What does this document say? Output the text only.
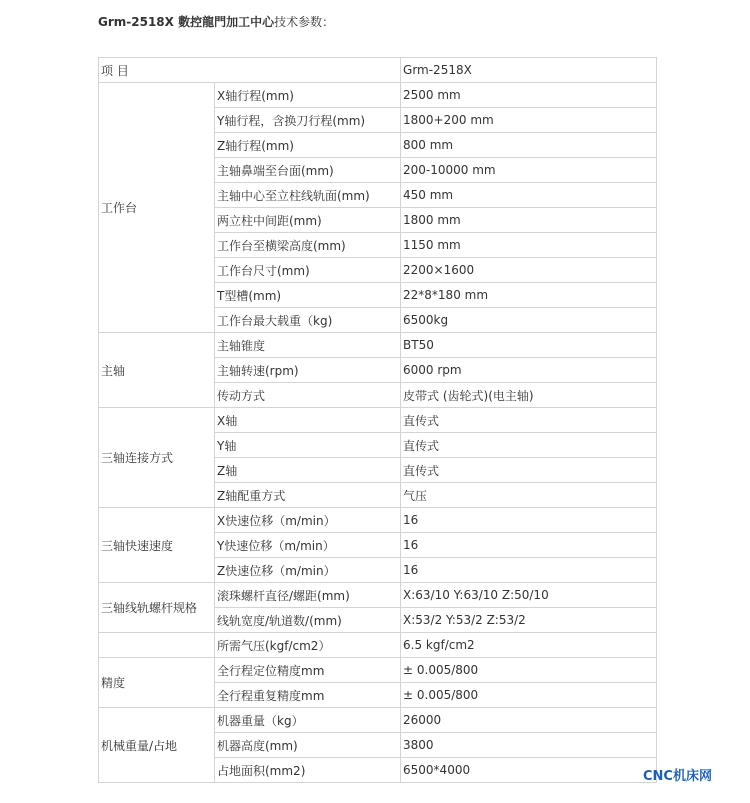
Grm-2518X 數控龍門加工中心技术参数：
项 目		Grm-2518X
工作台	X轴行程(mm)	2500 mm
	Y轴行程，含换刀行程(mm)	1800+200 mm
	Z轴行程(mm)	800 mm
	主轴鼻端至台面(mm)	200-10000 mm
	主轴中心至立柱线轨面(mm)	450 mm
	两立柱中间距(mm)	1800 mm
	工作台至横梁高度(mm)	1150 mm
	工作台尺寸(mm)	2200×1600
	T型槽(mm)	22*8*180 mm
	工作台最大载重（kg)	6500kg
主轴	主轴锥度	BT50
	主轴转速(rpm)	6000 rpm
	传动方式	皮带式 (齿轮式)(电主轴)
三轴连接方式	X轴	直传式
	Y轴	直传式
	Z轴	直传式
	Z轴配重方式	气压
三轴快速速度	X快速位移（m/min）	16
	Y快速位移（m/min）	16
	Z快速位移（m/min）	16
三轴线轨螺杆规格	滚珠螺杆直径/螺距(mm)	X:63/10 Y:63/10 Z:50/10
	线轨宽度/轨道数/(mm)	X:53/2 Y:53/2 Z:53/2
	所需气压(kgf/cm2）	6.5 kgf/cm2
精度	全行程定位精度mm	± 0.005/800
	全行程重复精度mm	± 0.005/800
机械重量/占地	机器重量（kg）	26000
	机器高度(mm)	3800
	占地面积(mm2)	6500*4000	CNC机床网
